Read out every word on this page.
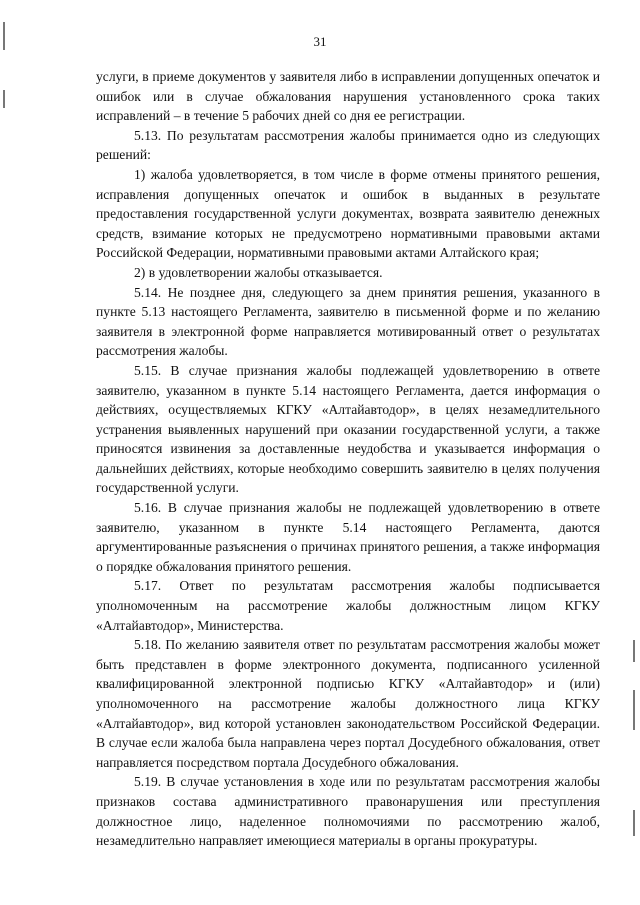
31

услуги, в приеме документов у заявителя либо в исправлении допущенных опечаток и ошибок или в случае обжалования нарушения установленного срока таких исправлений – в течение 5 рабочих дней со дня ее регистрации.

5.13. По результатам рассмотрения жалобы принимается одно из следующих решений:

1) жалоба удовлетворяется, в том числе в форме отмены принятого решения, исправления допущенных опечаток и ошибок в выданных в результате предоставления государственной услуги документах, возврата заявителю денежных средств, взимание которых не предусмотрено нормативными правовыми актами Российской Федерации, нормативными правовыми актами Алтайского края;

2) в удовлетворении жалобы отказывается.

5.14. Не позднее дня, следующего за днем принятия решения, указанного в пункте 5.13 настоящего Регламента, заявителю в письменной форме и по желанию заявителя в электронной форме направляется мотивированный ответ о результатах рассмотрения жалобы.

5.15. В случае признания жалобы подлежащей удовлетворению в ответе заявителю, указанном в пункте 5.14 настоящего Регламента, дается информация о действиях, осуществляемых КГКУ «Алтайавтодор», в целях незамедлительного устранения выявленных нарушений при оказании государственной услуги, а также приносятся извинения за доставленные неудобства и указывается информация о дальнейших действиях, которые необходимо совершить заявителю в целях получения государственной услуги.

5.16. В случае признания жалобы не подлежащей удовлетворению в ответе заявителю, указанном в пункте 5.14 настоящего Регламента, даются аргументированные разъяснения о причинах принятого решения, а также информация о порядке обжалования принятого решения.

5.17. Ответ по результатам рассмотрения жалобы подписывается уполномоченным на рассмотрение жалобы должностным лицом КГКУ «Алтайавтодор», Министерства.

5.18. По желанию заявителя ответ по результатам рассмотрения жалобы может быть представлен в форме электронного документа, подписанного усиленной квалифицированной электронной подписью КГКУ «Алтайавтодор» и (или) уполномоченного на рассмотрение жалобы должностного лица КГКУ «Алтайавтодор», вид которой установлен законодательством Российской Федерации. В случае если жалоба была направлена через портал Досудебного обжалования, ответ направляется посредством портала Досудебного обжалования.

5.19. В случае установления в ходе или по результатам рассмотрения жалобы признаков состава административного правонарушения или преступления должностное лицо, наделенное полномочиями по рассмотрению жалоб, незамедлительно направляет имеющиеся материалы в органы прокуратуры.
